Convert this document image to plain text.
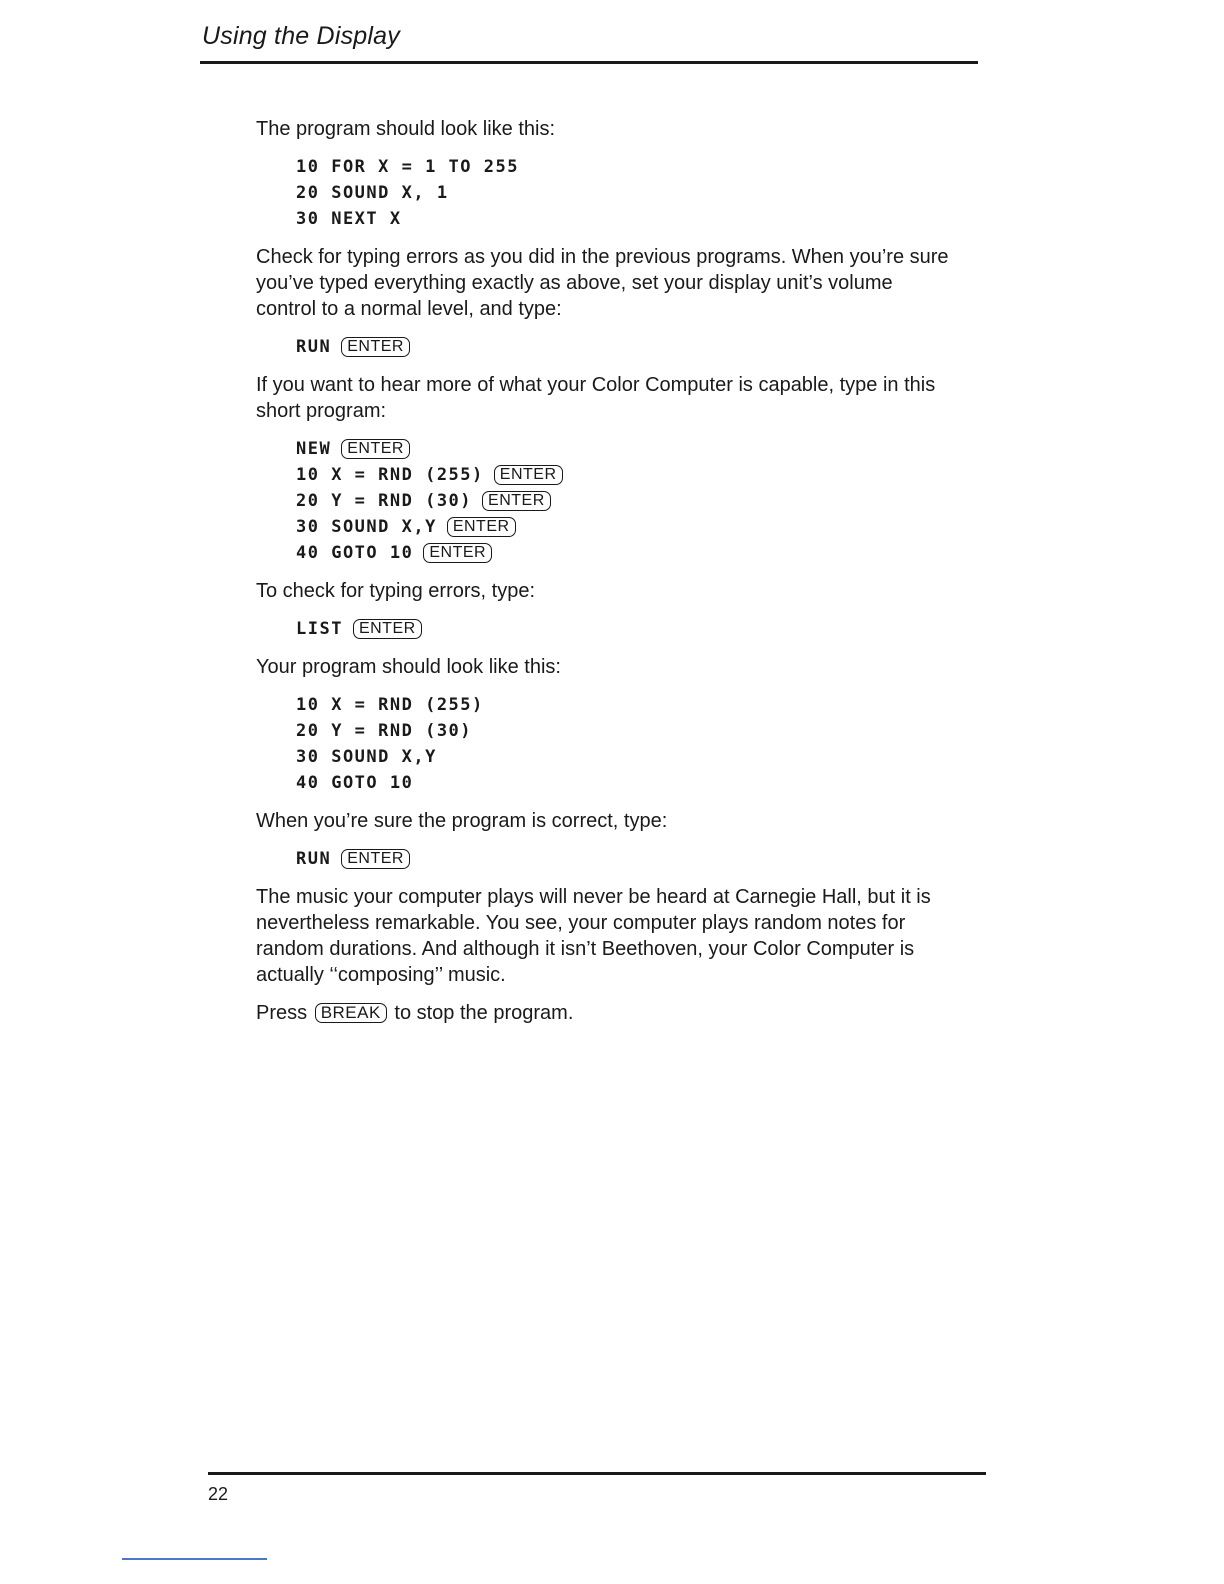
Using the Display

The program should look like this:

10 FOR X = 1 TO 255
20 SOUND X, 1
30 NEXT X

Check for typing errors as you did in the previous programs. When you’re sure you’ve typed everything exactly as above, set your display unit’s volume control to a normal level, and type:

RUN ENTER

If you want to hear more of what your Color Computer is capable, type in this short program:

NEW ENTER
10 X = RND (255) ENTER
20 Y = RND (30) ENTER
30 SOUND X,Y ENTER
40 GOTO 10 ENTER

To check for typing errors, type:

LIST ENTER

Your program should look like this:

10 X = RND (255)
20 Y = RND (30)
30 SOUND X,Y
40 GOTO 10

When you’re sure the program is correct, type:

RUN ENTER

The music your computer plays will never be heard at Carnegie Hall, but it is nevertheless remarkable. You see, your computer plays random notes for random durations. And although it isn’t Beethoven, your Color Computer is actually ‘‘composing’’ music.

Press BREAK to stop the program.

22
